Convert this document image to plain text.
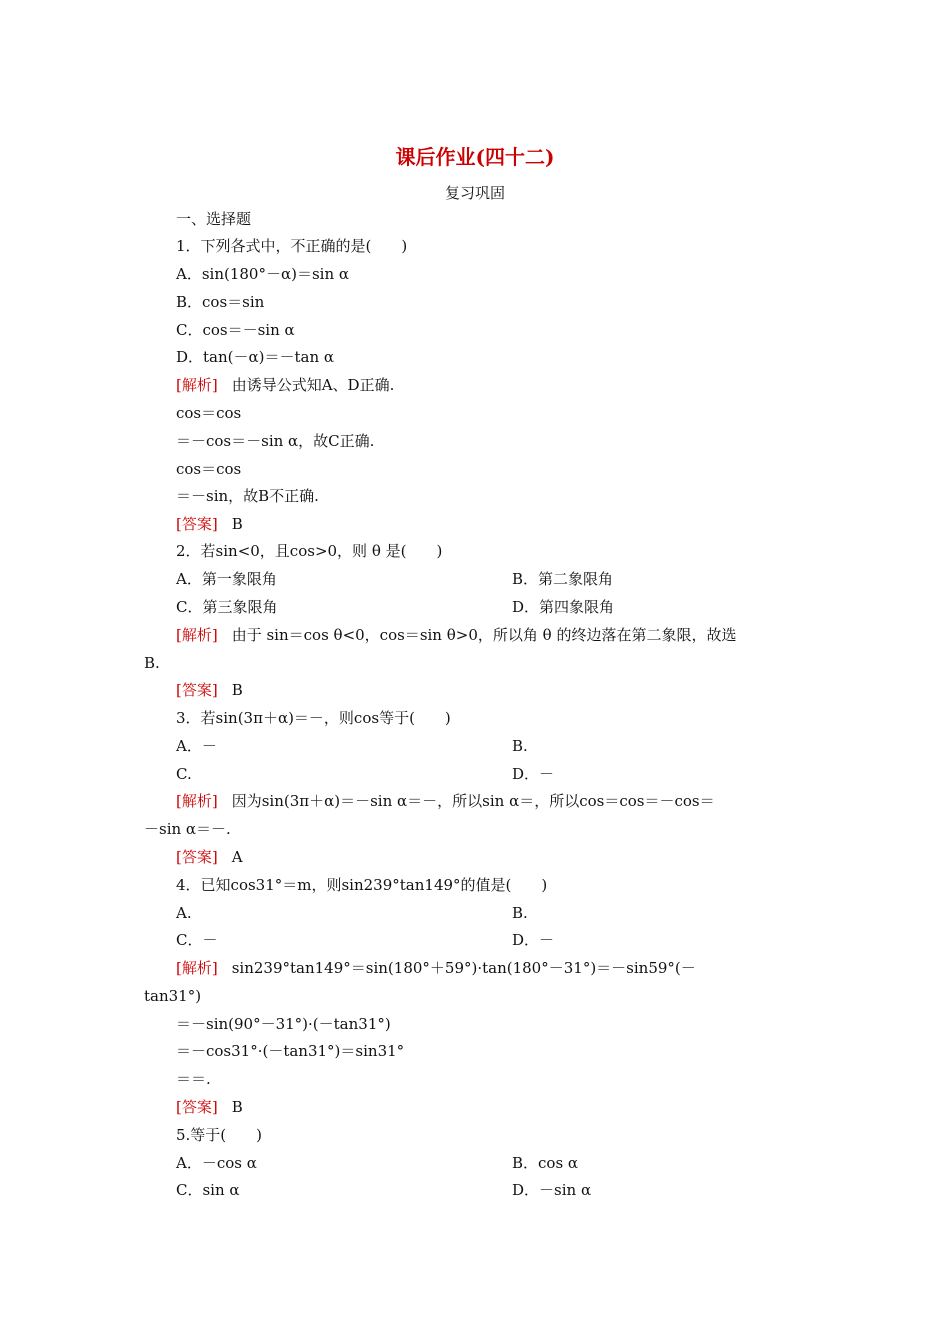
课后作业(四十二)
复习巩固
一、选择题
1．下列各式中，不正确的是(　　)
A．sin(180°－α)＝sin α
B．cos＝sin
C．cos＝－sin α
D．tan(－α)＝－tan α
[解析] 由诱导公式知A、D正确.
cos＝cos
＝－cos＝－sin α，故C正确.
cos＝cos
＝－sin，故B不正确.
[答案] B
2．若sin<0，且cos>0，则 θ 是(　　)
A．第一象限角	B．第二象限角
C．第三象限角	D．第四象限角
[解析] 由于 sin＝cos θ<0，cos＝sin θ>0，所以角 θ 的终边落在第二象限，故选
B.
[答案] B
3．若sin(3π＋α)＝－，则cos等于(　　)
A．－	B.
C.	D．－
[解析] 因为sin(3π＋α)＝－sin α＝－，所以sin α＝，所以cos＝cos＝－cos＝
－sin α＝－.
[答案] A
4．已知cos31°＝m，则sin239°tan149°的值是(　　)
A.	B.
C．－	D．－
[解析] sin239°tan149°＝sin(180°＋59°)·tan(180°－31°)＝－sin59°(－
tan31°)
＝－sin(90°－31°)·(－tan31°)
＝－cos31°·(－tan31°)＝sin31°
＝＝.
[答案] B
5.等于(　　)
A．－cos α	B．cos α
C．sin α	D．－sin α
